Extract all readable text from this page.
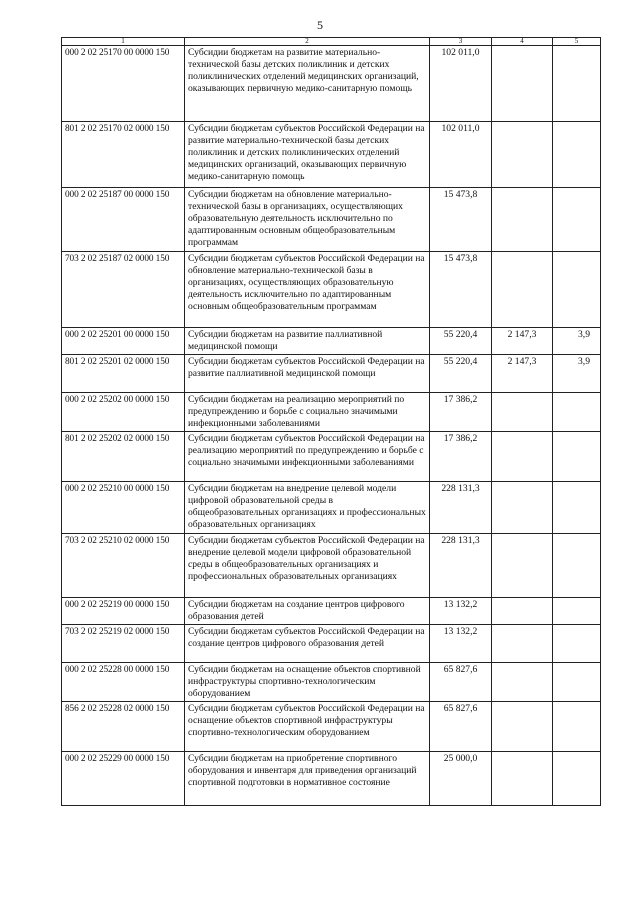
5
1	2	3	4	5
000 2 02 25170 00 0000 150	Субсидии бюджетам на развитие материально-технической базы детских поликлиник и детских поликлинических отделений медицинских организаций, оказывающих первичную медико-санитарную помощь	102 011,0		
801 2 02 25170 02 0000 150	Субсидии бюджетам субъектов Российской Федерации на развитие материально-технической базы детских поликлиник и детских поликлинических отделений медицинских организаций, оказывающих первичную медико-санитарную помощь	102 011,0		
000 2 02 25187 00 0000 150	Субсидии бюджетам на обновление материально-технической базы в организациях, осуществляющих образовательную деятельность исключительно по адаптированным основным общеобразовательным программам	15 473,8		
703 2 02 25187 02 0000 150	Субсидии бюджетам субъектов Российской Федерации на обновление материально-технической базы в организациях, осуществляющих образовательную деятельность исключительно по адаптированным основным общеобразовательным программам	15 473,8		
000 2 02 25201 00 0000 150	Субсидии бюджетам на развитие паллиативной медицинской помощи	55 220,4	2 147,3	3,9
801 2 02 25201 02 0000 150	Субсидии бюджетам субъектов Российской Федерации на развитие паллиативной медицинской помощи	55 220,4	2 147,3	3,9
000 2 02 25202 00 0000 150	Субсидии бюджетам на реализацию мероприятий по предупреждению и борьбе с социально значимыми инфекционными заболеваниями	17 386,2		
801 2 02 25202 02 0000 150	Субсидии бюджетам субъектов Российской Федерации на реализацию мероприятий по предупреждению и борьбе с социально значимыми инфекционными заболеваниями	17 386,2		
000 2 02 25210 00 0000 150	Субсидии бюджетам на внедрение целевой модели цифровой образовательной среды в общеобразовательных организациях и профессиональных образовательных организациях	228 131,3		
703 2 02 25210 02 0000 150	Субсидии бюджетам субъектов Российской Федерации на внедрение целевой модели цифровой образовательной среды в общеобразовательных организациях и профессиональных образовательных организациях	228 131,3		
000 2 02 25219 00 0000 150	Субсидии бюджетам на создание центров цифрового образования детей	13 132,2		
703 2 02 25219 02 0000 150	Субсидии бюджетам субъектов Российской Федерации на создание центров цифрового образования детей	13 132,2		
000 2 02 25228 00 0000 150	Субсидии бюджетам на оснащение объектов спортивной инфраструктуры спортивно-технологическим оборудованием	65 827,6		
856 2 02 25228 02 0000 150	Субсидии бюджетам субъектов Российской Федерации на оснащение объектов спортивной инфраструктуры спортивно-технологическим оборудованием	65 827,6		
000 2 02 25229 00 0000 150	Субсидии бюджетам на приобретение спортивного оборудования и инвентаря для приведения организаций спортивной подготовки в нормативное состояние	25 000,0		
